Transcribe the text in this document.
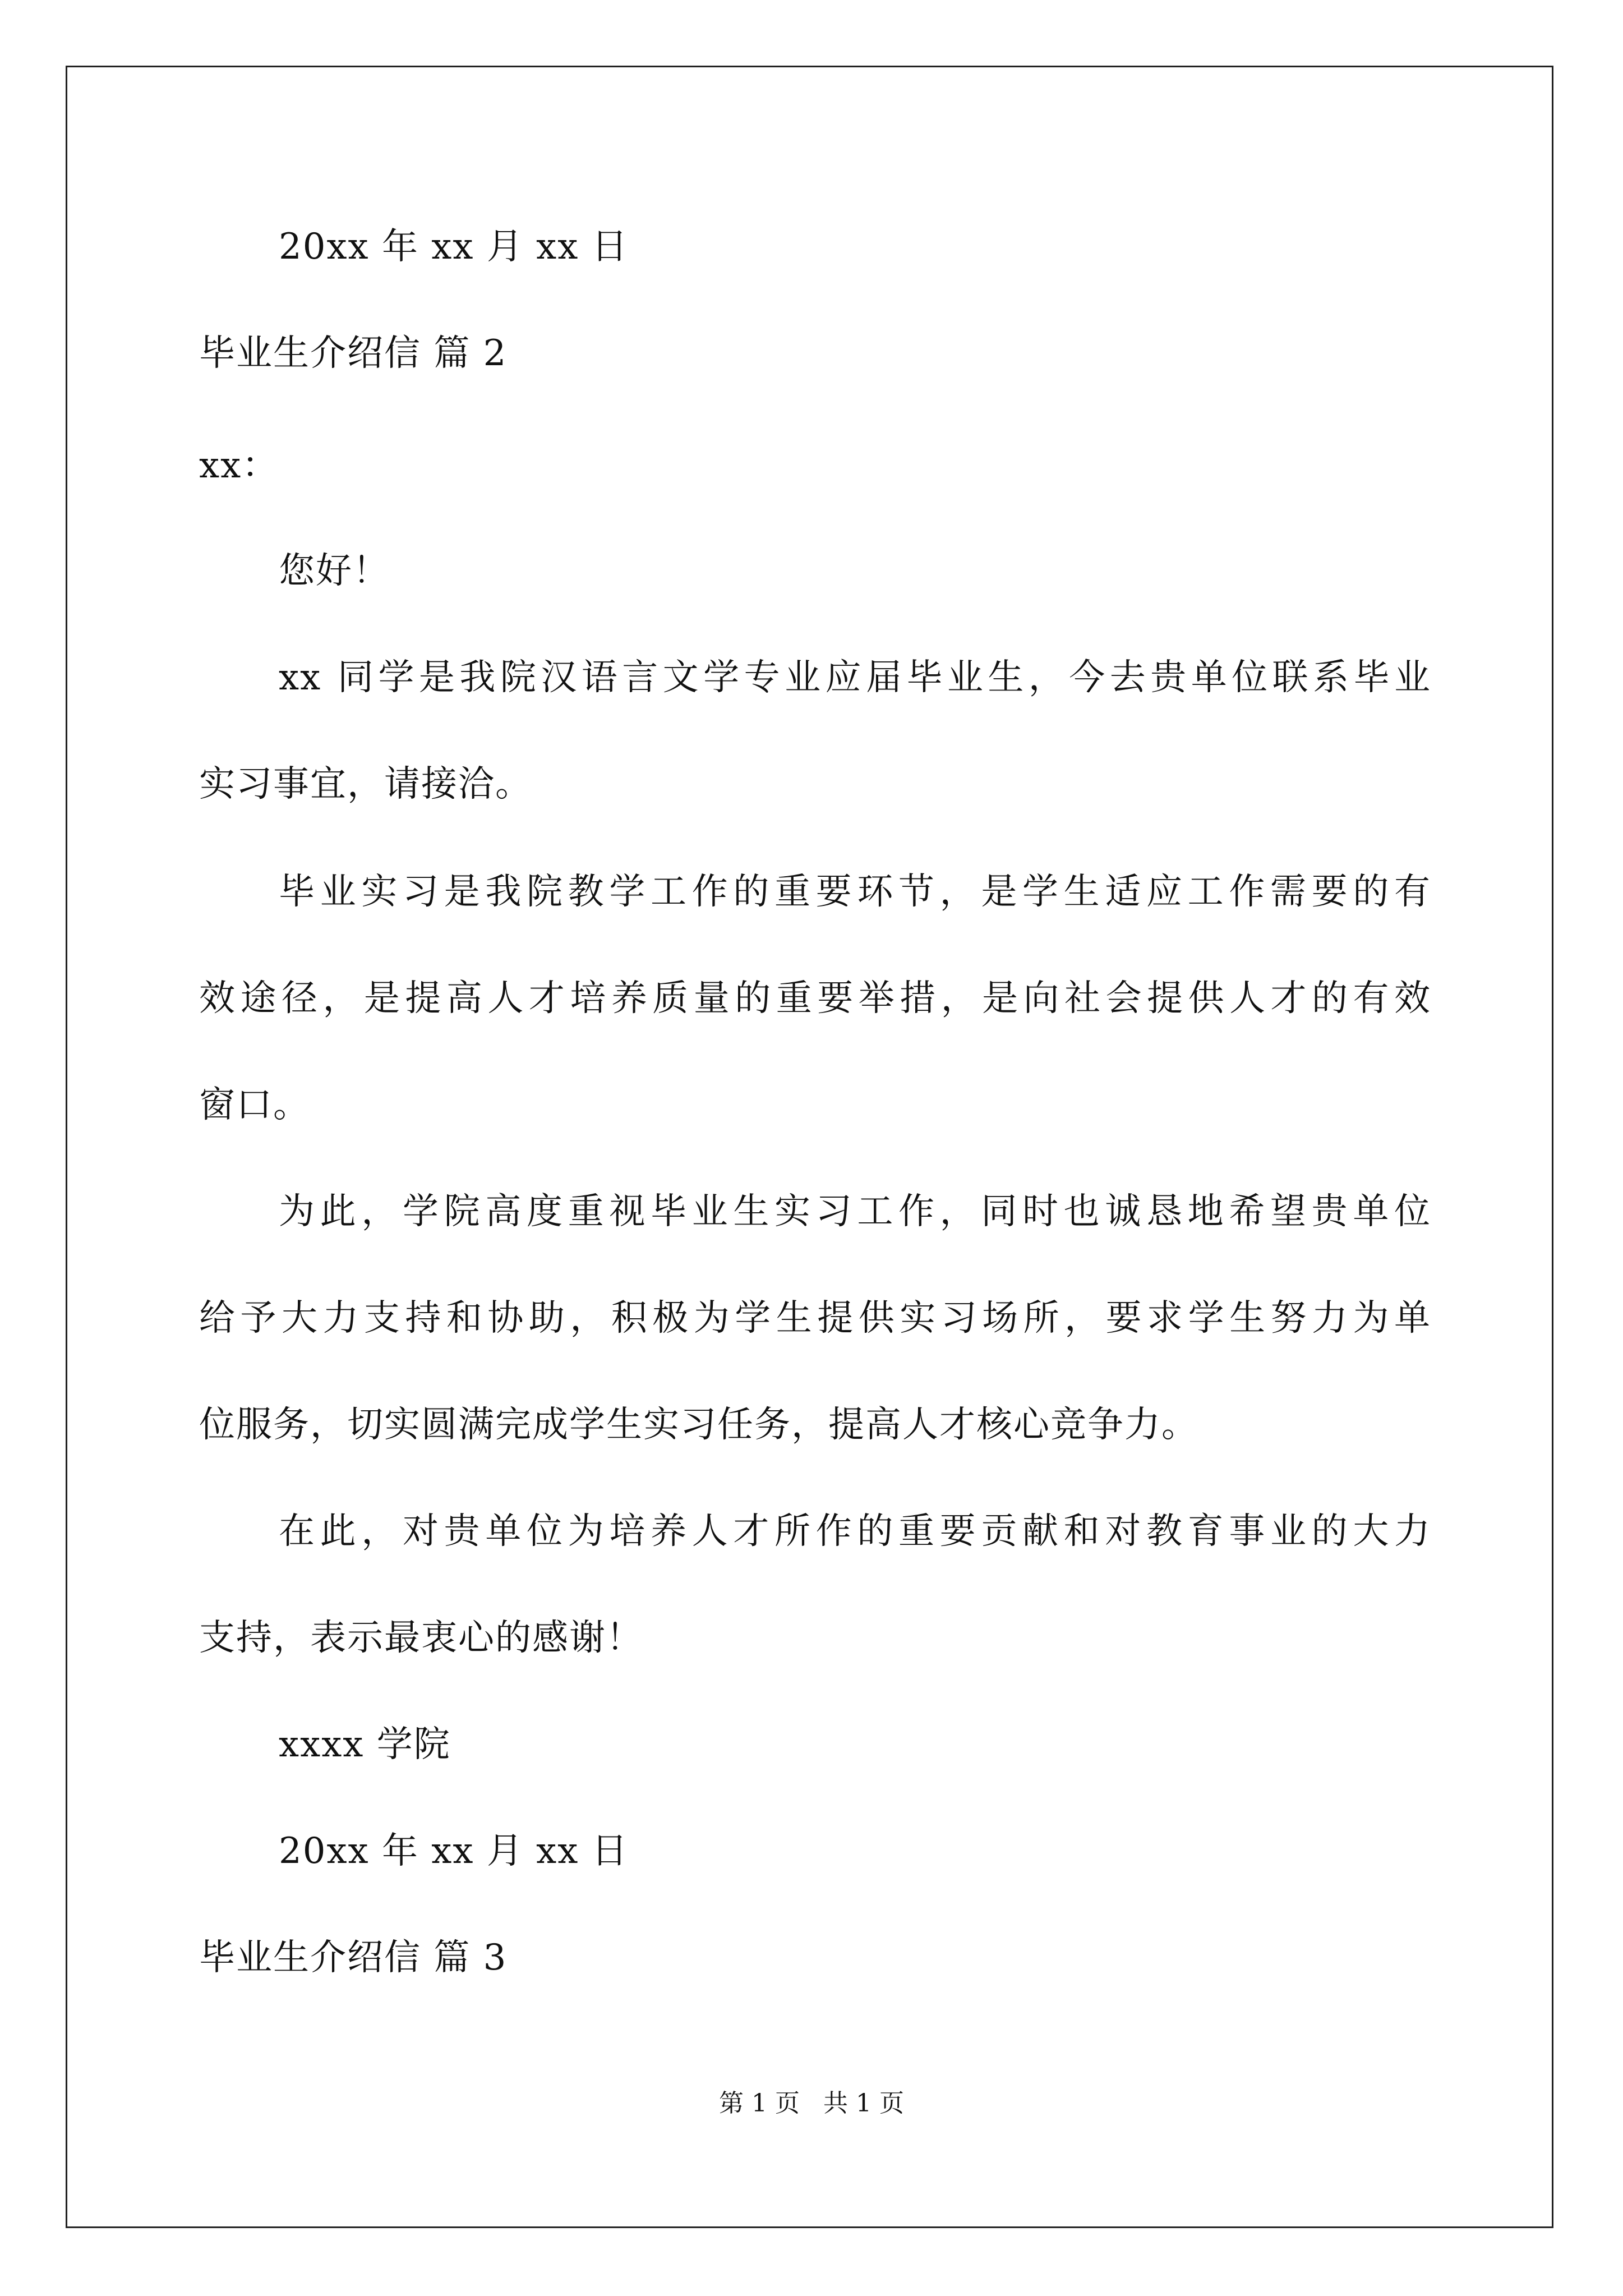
20xx 年 xx 月 xx 日
毕业生介绍信 篇 2
xx：
您好！
xx 同学是我院汉语言文学专业应届毕业生，今去贵单位联系毕业
实习事宜，请接洽。
毕业实习是我院教学工作的重要环节，是学生适应工作需要的有
效途径，是提高人才培养质量的重要举措，是向社会提供人才的有效
窗口。
为此，学院高度重视毕业生实习工作，同时也诚恳地希望贵单位
给予大力支持和协助，积极为学生提供实习场所，要求学生努力为单
位服务，切实圆满完成学生实习任务，提高人才核心竞争力。
在此，对贵单位为培养人才所作的重要贡献和对教育事业的大力
支持，表示最衷心的感谢！
xxxx 学院
20xx 年 xx 月 xx 日
毕业生介绍信 篇 3
第 1 页   共 1 页
